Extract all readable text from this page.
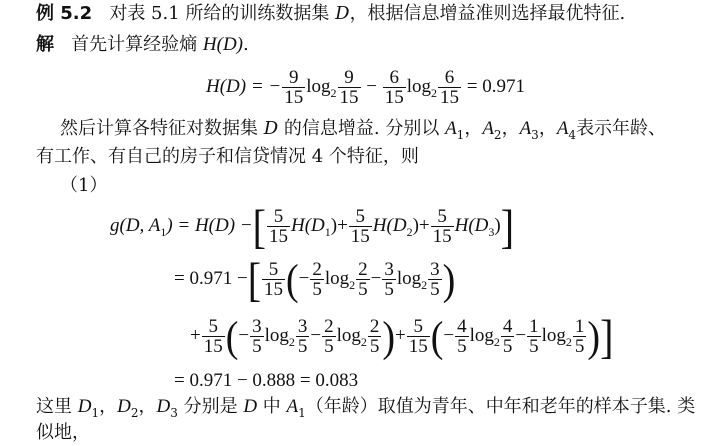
例 5.2 对表 5.1 所给的训练数据集 D，根据信息增益准则选择最优特征.
解 首先计算经验熵 H(D).
H(D) = − $\frac{9}{15} \log_2 \frac{9}{15} - \frac{6}{15} \log_2 \frac{6}{15} = 0.971$
然后计算各特征对数据集 D 的信息增益. 分别以 $A_1$，$A_2$，$A_3$，$A_4$表示年龄、
有工作、有自己的房子和信贷情况 4 个特征，则
（1）
g(D, $A_1) = H(D)$ −[ $\frac{5}{15} H(D_1)+ \frac{5}{15} H(D_2)+ \frac{5}{15} H(D_3)$]
= 0.971 −[ $\frac{5}{15}$ (− $\frac{2}{5} \log_2 \frac{2}{5} - \frac{3}{5} \log_2 \frac{3}{5}$ )
+ $\frac{5}{15}$ (− $\frac{3}{5} \log_2 \frac{3}{5} - \frac{2}{5} \log_2 \frac{2}{5}$ )+ $\frac{5}{15}$ (− $\frac{4}{5} \log_2 \frac{4}{5} - \frac{1}{5} \log_2 \frac{1}{5}$ )]
= 0.971 − 0.888 = 0.083
这里 $D_1$，$D_2$，$D_3$ 分别是 D 中 $A_1$（年龄）取值为青年、中年和老年的样本子集. 类
似地，
